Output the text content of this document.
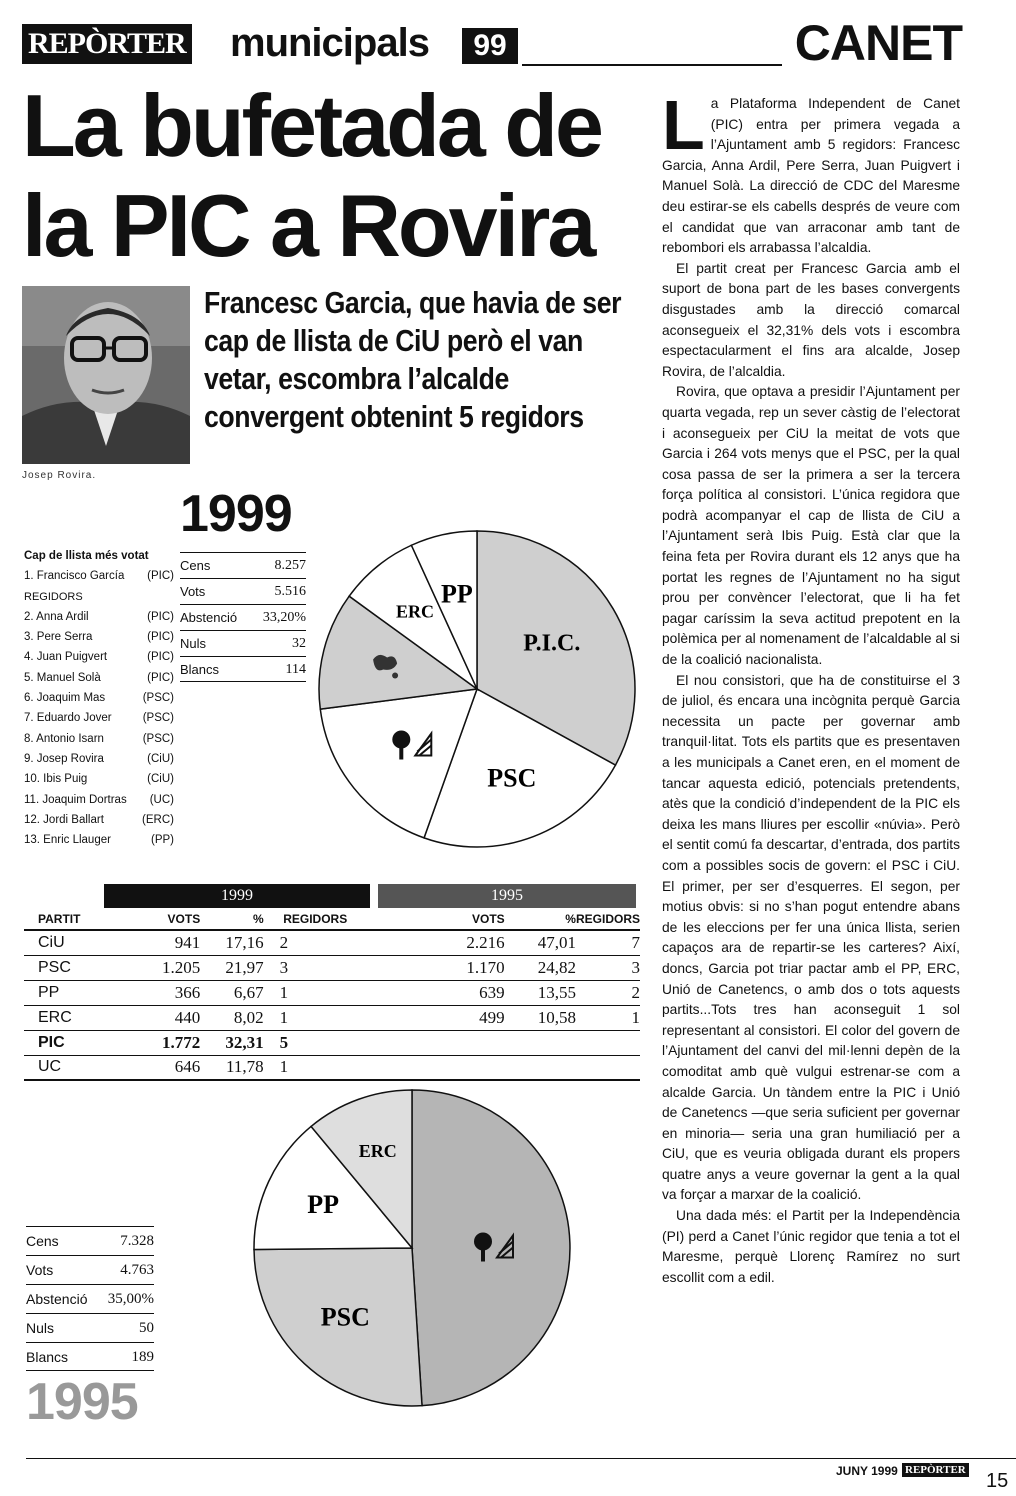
REPÒRTER municipals	99	CANET
La bufetada de la PIC a Rovira
Josep Rovira.
Francesc Garcia, que havia de ser cap de llista de CiU però el van vetar, escombra l’alcalde convergent obtenint 5 regidors
1999
Cap de llista més votat
1. Francisco García (PIC)
REGIDORS
2. Anna Ardil	(PIC)
3. Pere Serra	(PIC)
4. Juan Puigvert	(PIC)
5. Manuel Solà	(PIC)
6. Joaquim Mas	(PSC)
7. Eduardo Jover	(PSC)
8. Antonio Isarn	(PSC)
9. Josep Rovira	(CiU)
10. Ibis Puig	(CiU)
11. Joaquim Dortras (UC)
12. Jordi Ballart	(ERC)
13. Enric Llauger	(PP)
Cens	8.257
Vots	5.516
Abstenció 33,20%
Nuls	32
Blancs	114
P.I.C.
PSC
ERC
PP
1999	1995
PARTIT	VOTS	%	REGIDORS	VOTS	%	REGIDORS
CiU	941	17,16	2	2.216	47,01	7
PSC	1.205	21,97	3	1.170	24,82	3
PP	366	6,67	1	639	13,55	2
ERC	440	8,02	1	499	10,58	1
PIC	1.772	32,31	5			
UC	646	11,78	1			
PSC
PP
ERC
Cens	7.328
Vots	4.763
Abstenció 35,00%
Nuls	50
Blancs	189
1995

La Plataforma Independent de Canet (PIC) entra per primera vegada a l’Ajuntament amb 5 regidors: Francesc Garcia, Anna Ardil, Pere Serra, Juan Puigvert i Manuel Solà. La direcció de CDC del Maresme deu estirar-se els cabells després de veure com el candidat que van arraconar amb tant de rebombori els arrabassa l’alcaldia.

El partit creat per Francesc Garcia amb el suport de bona part de les bases convergents disgustades amb la direcció comarcal aconsegueix el 32,31% dels vots i escombra espectacularment el fins ara alcalde, Josep Rovira, de l’alcaldia.

Rovira, que optava a presidir l’Ajuntament per quarta vegada, rep un sever càstig de l’electorat i aconsegueix per CiU la meitat de vots que Garcia i 264 vots menys que el PSC, per la qual cosa passa de ser la primera a ser la tercera força política al consistori. L’única regidora que podrà acompanyar el cap de llista de CiU a l’Ajuntament serà Ibis Puig. Està clar que la feina feta per Rovira durant els 12 anys que ha portat les regnes de l’Ajuntament no ha sigut prou per convèncer l’electorat, que li ha fet pagar caríssim la seva actitud prepotent en la polèmica per al nomenament de l’alcaldable al si de la coalició nacionalista.

El nou consistori, que ha de constituirse el 3 de juliol, és encara una incògnita perquè Garcia necessita un pacte per governar amb tranquil·litat. Tots els partits que es presentaven a les municipals a Canet eren, en el moment de tancar aquesta edició, potencials pretendents, atès que la condició d’independent de la PIC els deixa les mans lliures per escollir «núvia». Però el sentit comú fa descartar, d’entrada, dos partits com a possibles socis de govern: el PSC i CiU. El primer, per ser d’esquerres. El segon, per motius obvis: si no s’han pogut entendre abans de les eleccions per fer una única llista, serien capaços ara de repartir-se les carteres? Així, doncs, Garcia pot triar pactar amb el PP, ERC, Unió de Canetencs, o amb dos o tots aquests partits...Tots tres han aconseguit 1 sol representant al consistori. El color del govern de l’Ajuntament del canvi del mil·lenni depèn de la comoditat amb què vulgui estrenar-se com a alcalde Garcia. Un tàndem entre la PIC i Unió de Canetencs —que seria suficient per governar en minoria— seria una gran humiliació per a CiU, que es veuria obligada durant els propers quatre anys a veure governar la gent a la qual va forçar a marxar de la coalició.

Una dada més: el Partit per la Independència (PI) perd a Canet l’únic regidor que tenia a tot el Maresme, perquè Llorenç Ramírez no surt escollit com a edil.

JUNY 1999 REPÒRTER 15
